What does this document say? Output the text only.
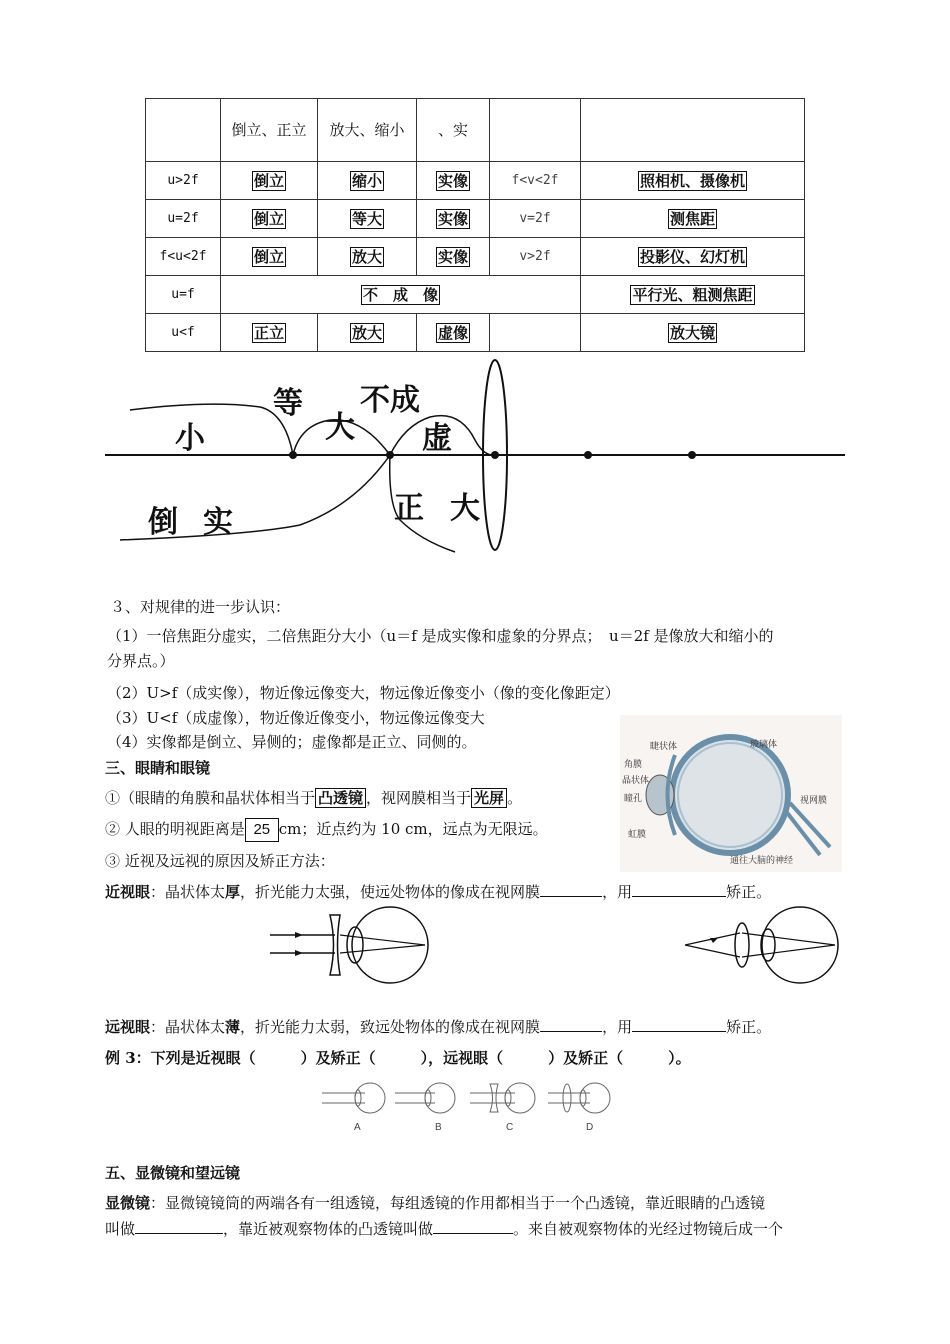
	倒立、正立	放大、缩小	、实		
u>2f	倒立	缩小	实像	f<v<2f	照相机、摄像机
u=2f	倒立	等大	实像	v=2f	测焦距
f<u<2f	倒立	放大	实像	v>2f	投影仪、幻灯机
u=f	不　成　像				平行光、粗测焦距
u<f	正立	放大	虚像		放大镜
小
等
大
不成
虚
倒 实	正 大
３、对规律的进一步认识：
（1）一倍焦距分虚实，二倍焦距分大小（u＝f 是成实像和虚象的分界点；　u＝2f 是像放大和缩小的
分界点。）
（2）U>f（成实像），物近像远像变大，物远像近像变小（像的变化像距定）
（3）U<f（成虚像），物近像近像变小，物远像远像变大
（4）实像都是倒立、异侧的；虚像都是正立、同侧的。
三、眼睛和眼镜
①（眼睛的角膜和晶状体相当于 凸透镜 ，视网膜相当于 光屏 。
② 人眼的明视距离是 25 cm；近点约为 10 cm，远点为无限远。
③ 近视及远视的原因及矫正方法：
睫状体
角膜
晶状体
瞳孔
虹膜
玻璃体
视网膜
通往大脑的神经
近视眼：晶状体太厚，折光能力太强，使远处物体的像成在视网膜	，用	矫正。
远视眼：晶状体太薄，折光能力太弱，致远处物体的像成在视网膜	，用	矫正。
例 3：下列是近视眼（　　　）及矫正（　　　），远视眼（　　　）及矫正（　　　）。
A	B	C	D
五、显微镜和望远镜
显微镜：显微镜镜筒的两端各有一组透镜，每组透镜的作用都相当于一个凸透镜，靠近眼睛的凸透镜
叫做	，靠近被观察物体的凸透镜叫做	。来自被观察物体的光经过物镜后成一个
